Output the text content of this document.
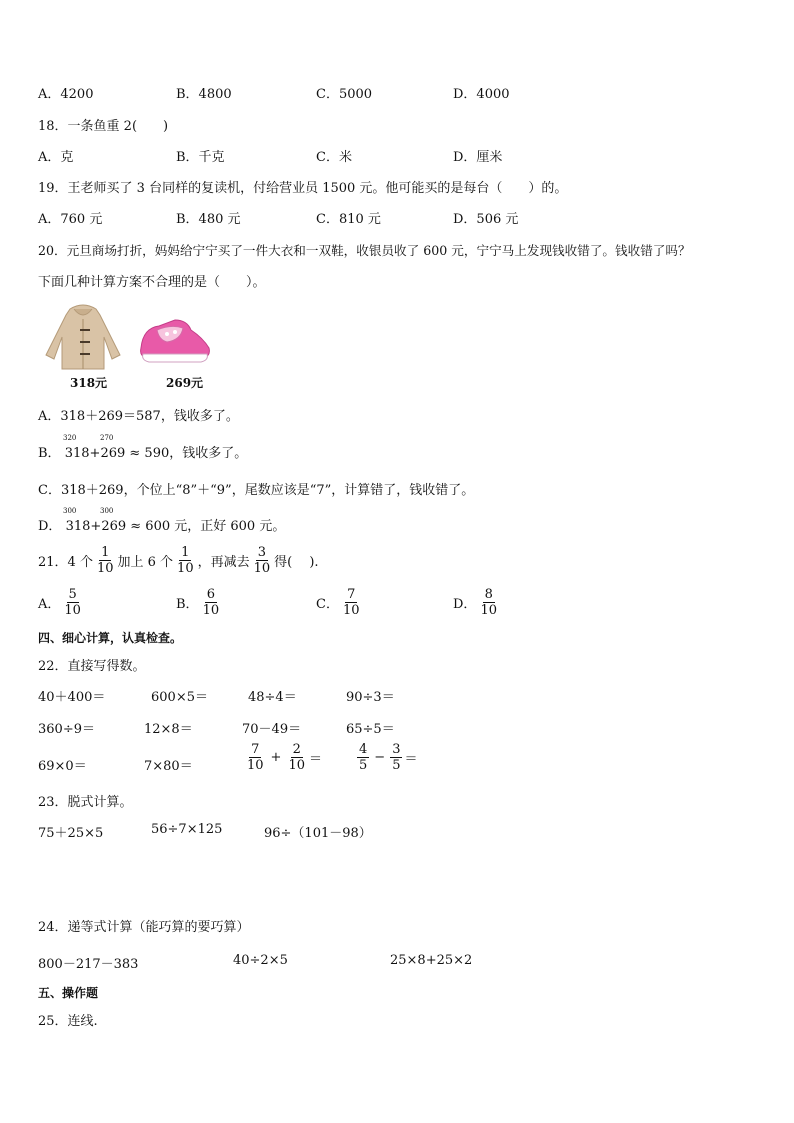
A．4200	B．4800	C．5000	D．4000
18．一条鱼重 2(　　)
A．克	B．千克	C．米	D．厘米
19．王老师买了 3 台同样的复读机，付给营业员 1500 元。他可能买的是每台（　　）的。
A．760 元	B．480 元	C．810 元	D．506 元
20．元旦商场打折，妈妈给宁宁买了一件大衣和一双鞋，收银员收了 600 元，宁宁马上发现钱收错了。钱收错了吗？
下面几种计算方案不合理的是（　　）。
318元	269元
A．318＋269＝587，钱收多了。
B．
320	270
318+269 ≈ 590，钱收多了。
C．318＋269，个位上“8”＋“9”，尾数应该是“7”，计算错了，钱收错了。
D．
300	300
318+269 ≈ 600 元，正好 600 元。
21．4 个 $\frac{1}{10}$ 加上 6 个 $\frac{1}{10}$ ，再减去 $\frac{3}{10}$ 得(　 ).
A． $\frac{5}{10}$	B． $\frac{6}{10}$	C． $\frac{7}{10}$	D． $\frac{8}{10}$
四、细心计算，认真检查。
22．直接写得数。
40＋400＝	600×5＝	48÷4＝	90÷3＝
360÷9＝	12×8＝	70－49＝	65÷5＝
69×0＝	7×80＝	$\frac{7}{10} + \frac{2}{10}$ ＝	$\frac{4}{5} - \frac{3}{5}$ ＝
23．脱式计算。
75＋25×5	56÷7×125	96÷（101－98）
24．递等式计算（能巧算的要巧算）
800－217－383	40÷2×5	25×8+25×2
五、操作题
25．连线.
